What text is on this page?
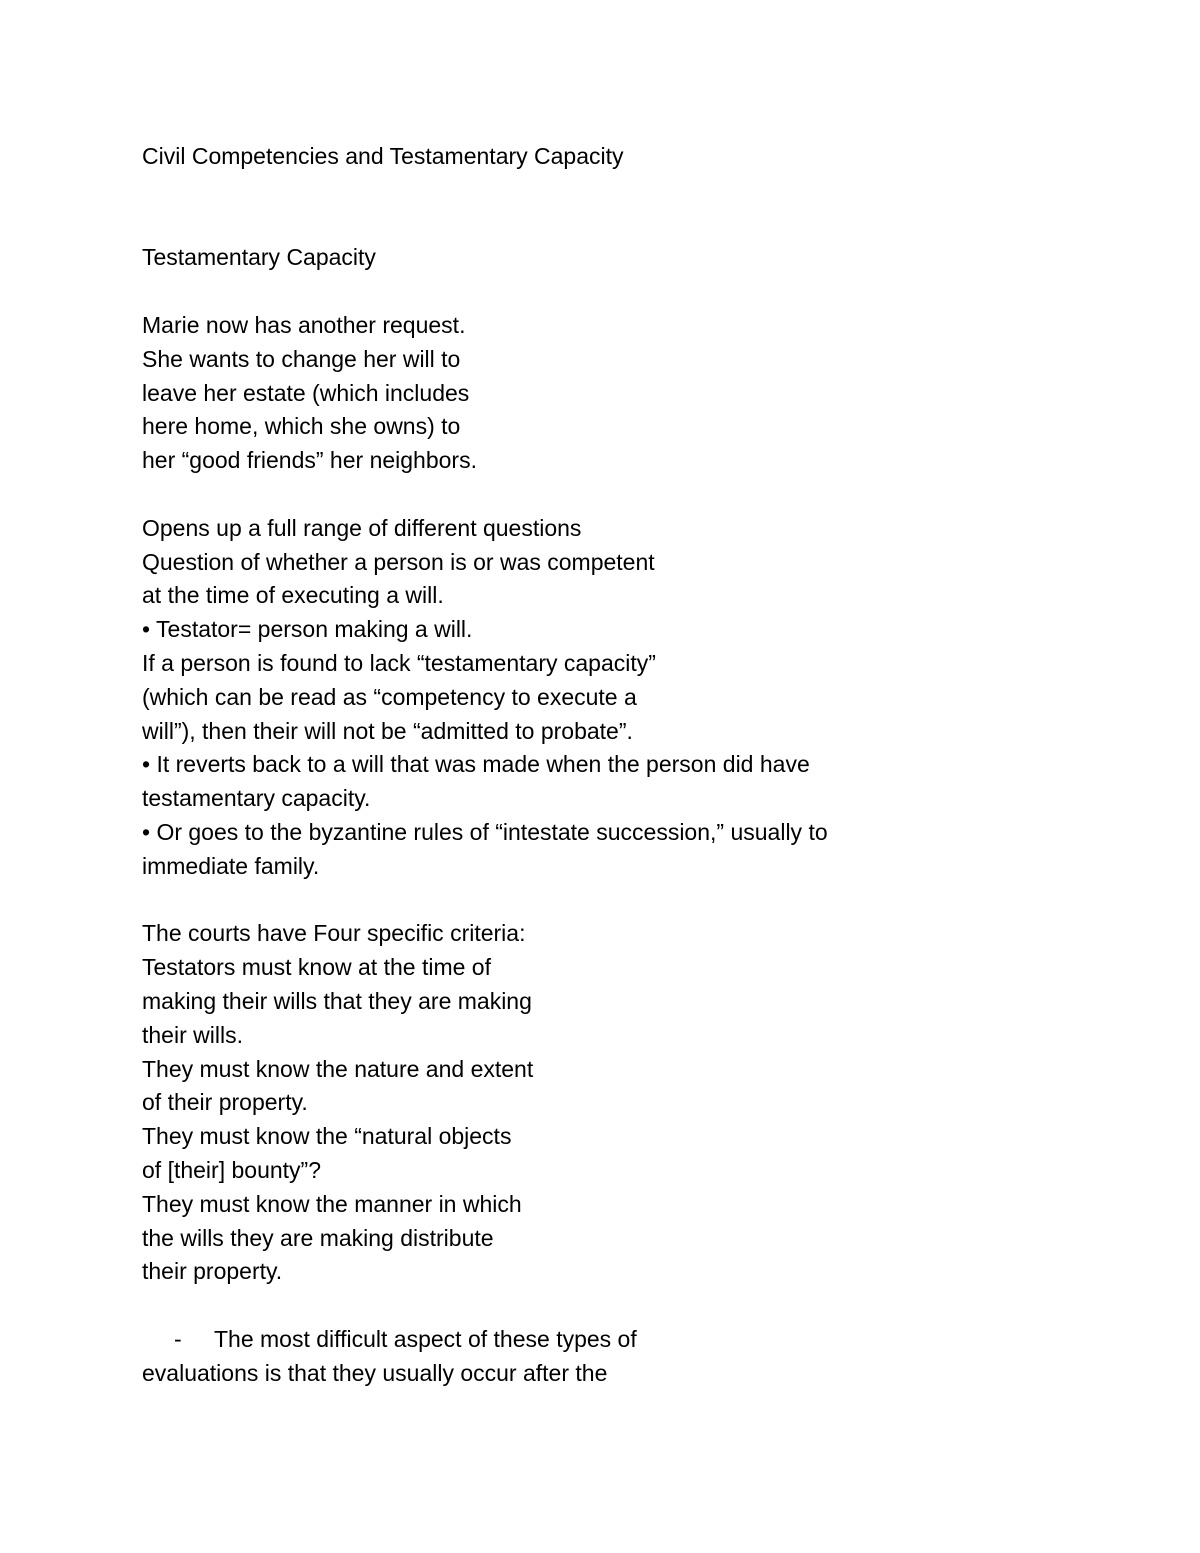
Civil Competencies and Testamentary Capacity
Testamentary Capacity
Marie now has another request.
She wants to change her will to
leave her estate (which includes
here home, which she owns) to
her “good friends” her neighbors.
Opens up a full range of different questions
Question of whether a person is or was competent
at the time of executing a will.
• Testator= person making a will.
If a person is found to lack “testamentary capacity”
(which can be read as “competency to execute a
will”), then their will not be “admitted to probate”.
• It reverts back to a will that was made when the person did have
testamentary capacity.
• Or goes to the byzantine rules of “intestate succession,” usually to
immediate family.
The courts have Four specific criteria:
Testators must know at the time of
making their wills that they are making
their wills.
They must know the nature and extent
of their property.
They must know the “natural objects
of [their] bounty”?
They must know the manner in which
the wills they are making distribute
their property.
- The most difficult aspect of these types of
evaluations is that they usually occur after the
